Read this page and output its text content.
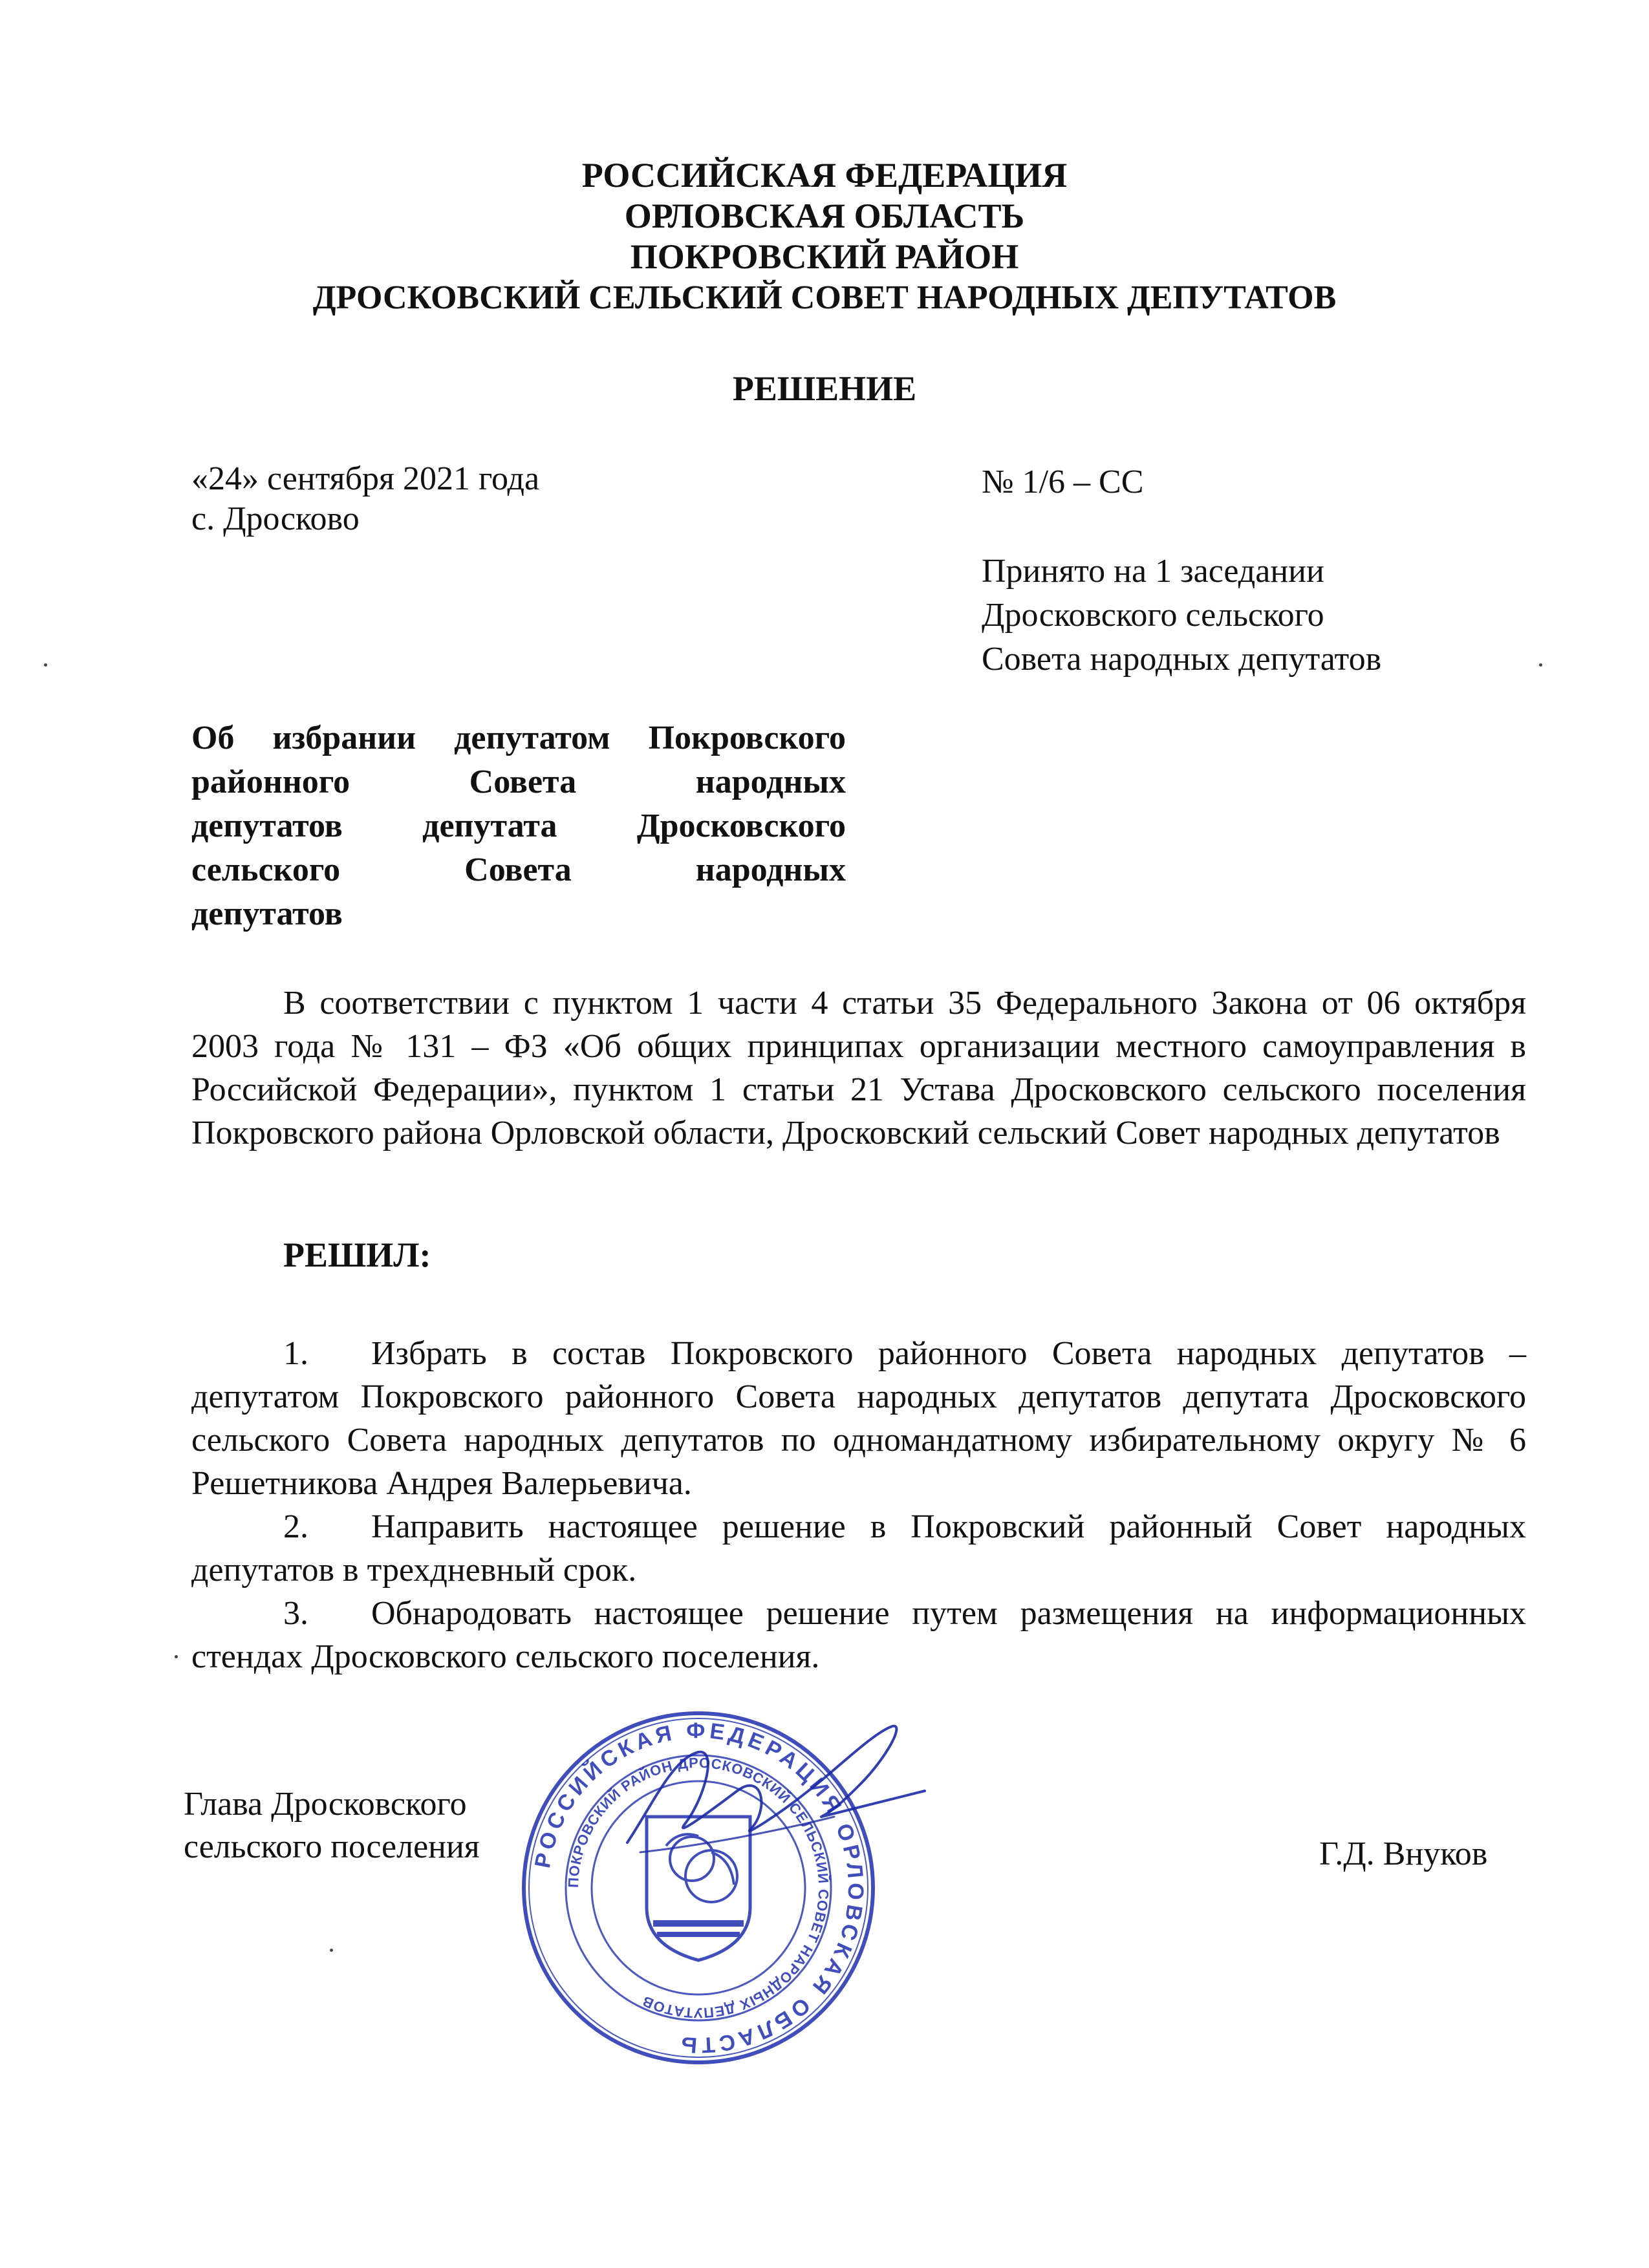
РОССИЙСКАЯ ФЕДЕРАЦИЯ
ОРЛОВСКАЯ ОБЛАСТЬ
ПОКРОВСКИЙ РАЙОН
ДРОСКОВСКИЙ СЕЛЬСКИЙ СОВЕТ НАРОДНЫХ ДЕПУТАТОВ
РЕШЕНИЕ
«24» сентября 2021 года
с. Дросково
№ 1/6 – СС
Принято на 1 заседании
Дросковского сельского
Совета народных депутатов
Об избрании депутатом Покровского
районного Совета народных
депутатов депутата Дросковского
сельского Совета народных
депутатов
В соответствии с пунктом 1 части 4 статьи 35 Федерального Закона от 06 октября 2003 года № 131 – ФЗ «Об общих принципах организации местного самоуправления в Российской Федерации», пунктом 1 статьи 21 Устава Дросковского сельского поселения Покровского района Орловской области, Дросковский сельский Совет народных депутатов
РЕШИЛ:
1. Избрать в состав Покровского районного Совета народных депутатов – депутатом Покровского районного Совета народных депутатов депутата Дросковского сельского Совета народных депутатов по одномандатному избирательному округу № 6 Решетникова Андрея Валерьевича.
2. Направить настоящее решение в Покровский районный Совет народных депутатов в трехдневный срок.
3. Обнародовать настоящее решение путем размещения на информационных стендах Дросковского сельского поселения.
Глава Дросковского
сельского поселения	Г.Д. Внуков
РОССИЙСКАЯ ФЕДЕРАЦИЯ ОРЛОВСКАЯ ОБЛАСТЬ
ПОКРОВСКИЙ РАЙОН ДРОСКОВСКИЙ СЕЛЬСКИЙ СОВЕТ НАРОДНЫХ ДЕПУТАТОВ
